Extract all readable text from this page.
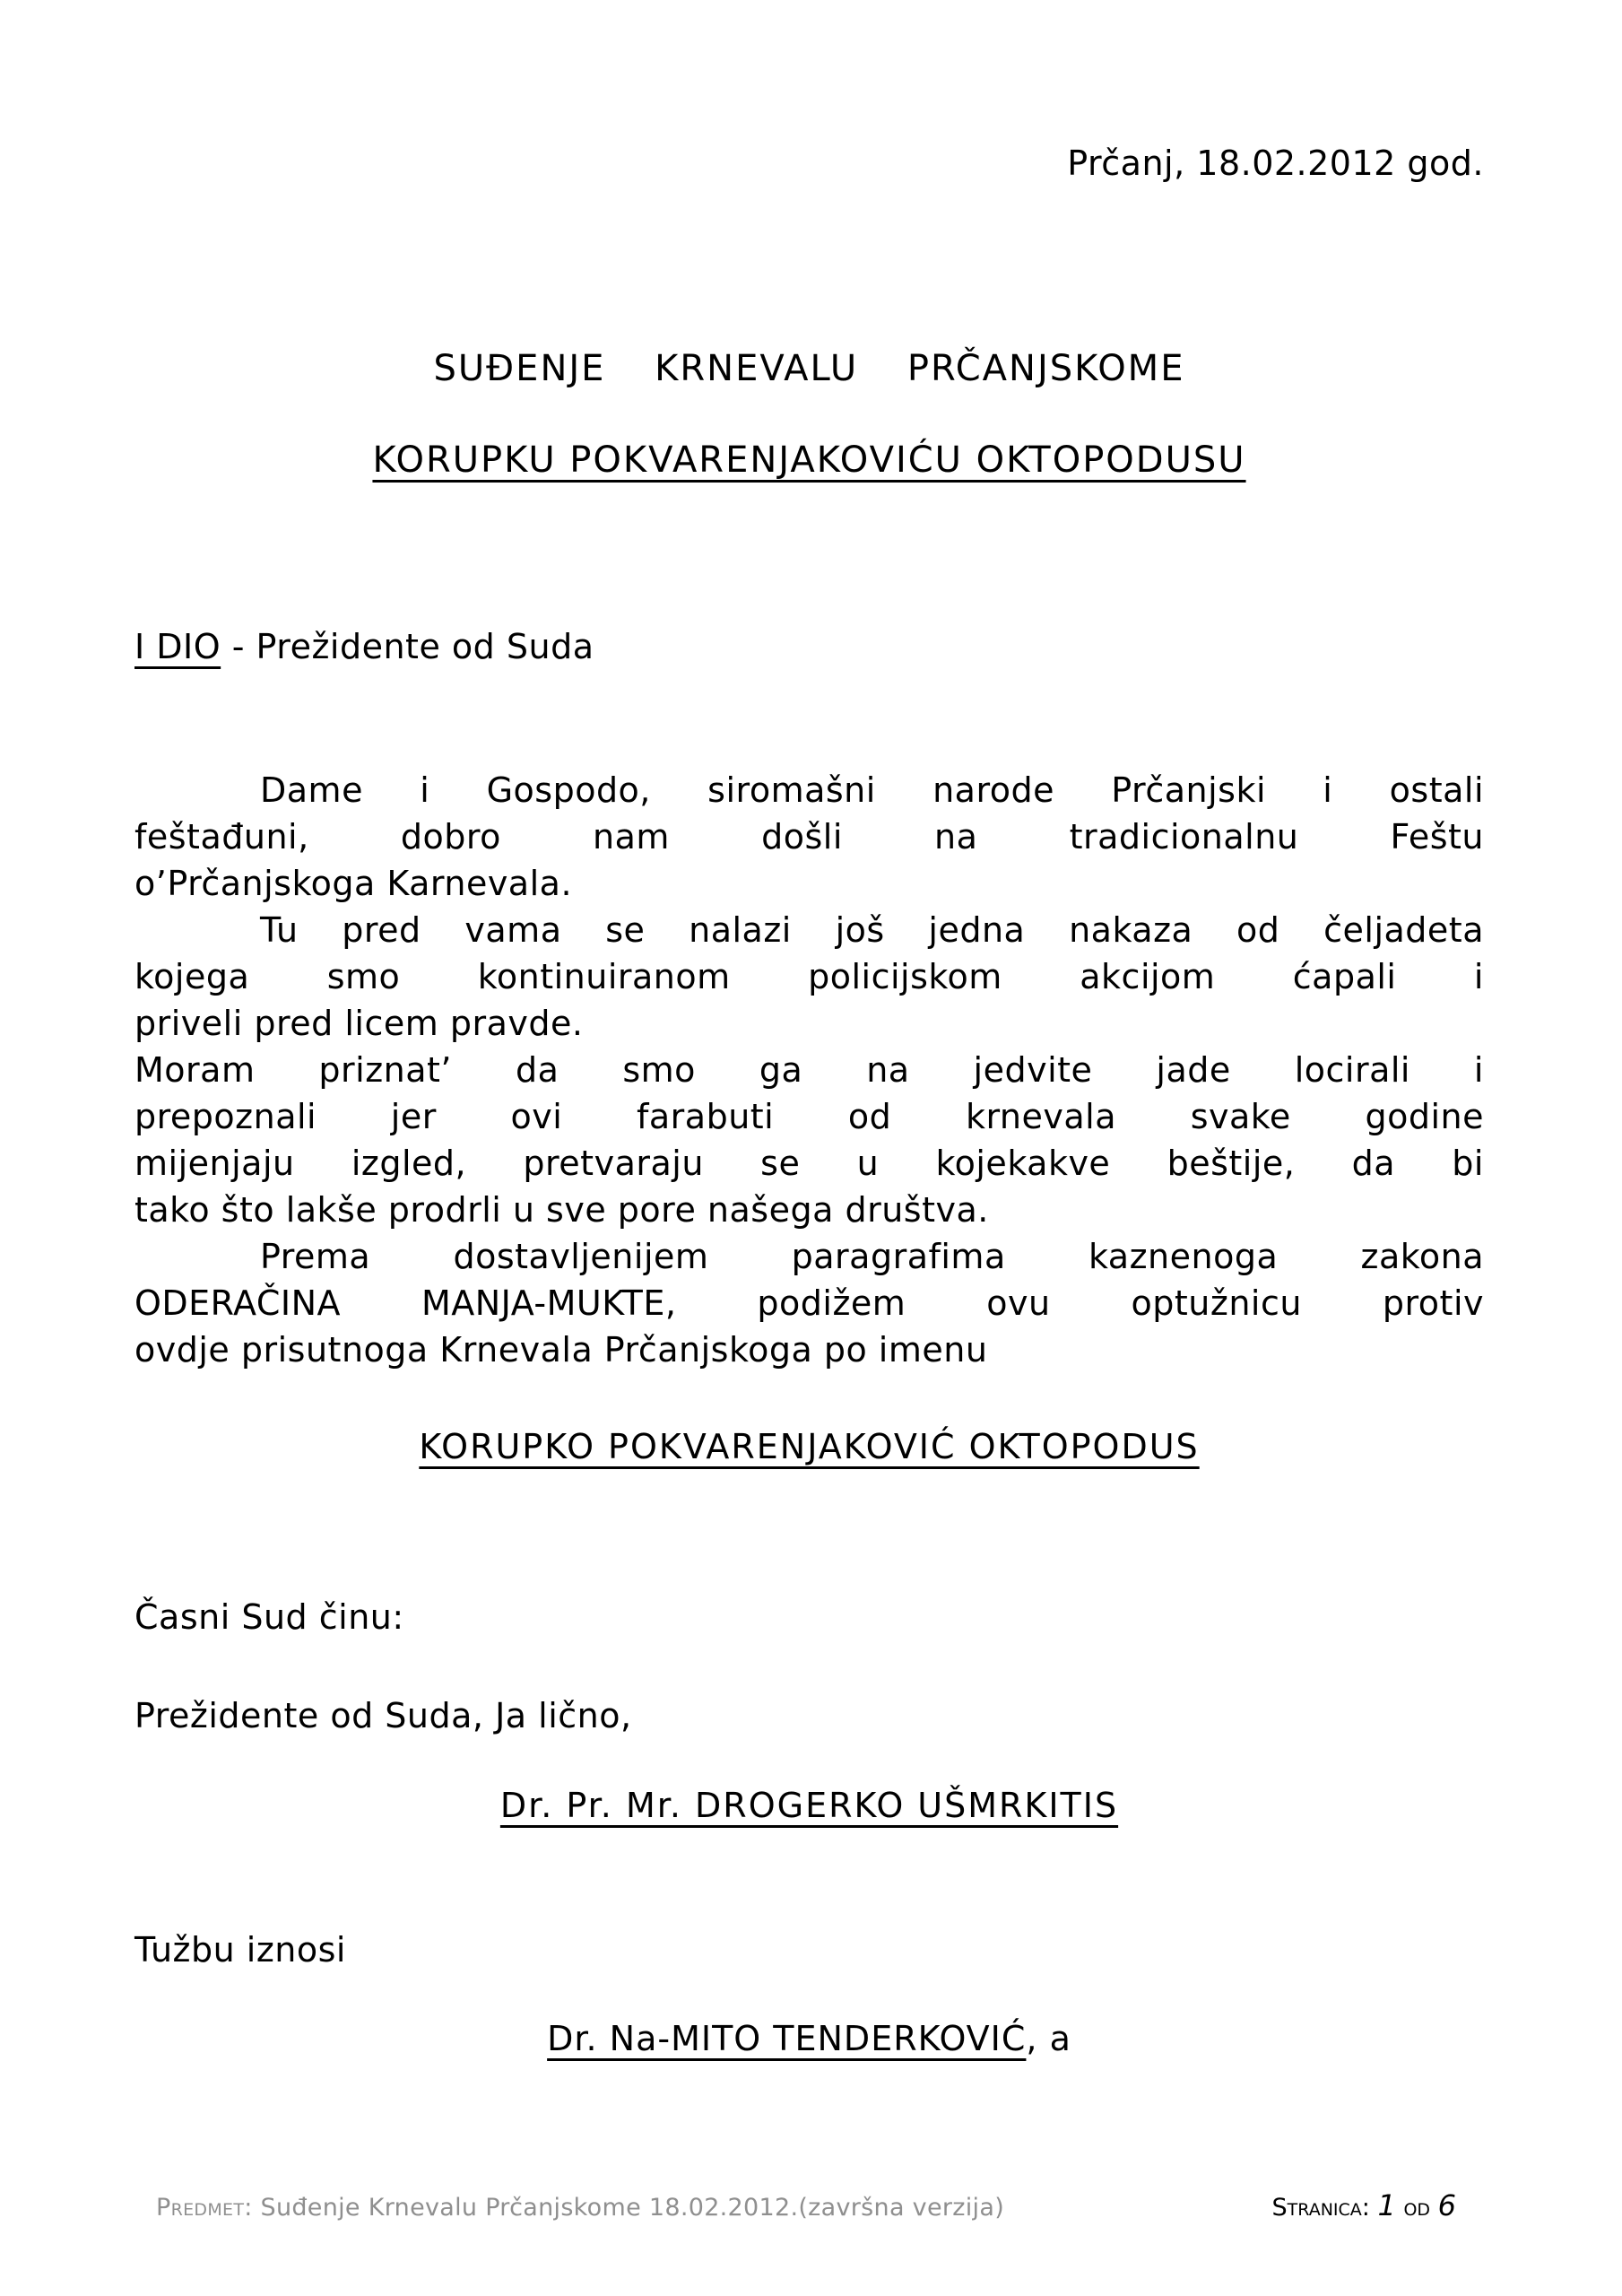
Prčanj, 18.02.2012 god.
SUĐENJE KRNEVALU PRČANJSKOME
KORUPKU POKVARENJAKOVIĆU OKTOPODUSU
I DIO - Prežidente od Suda
Dame i Gospodo, siromašni narode Prčanjski i ostali
feštađuni, dobro nam došli na tradicionalnu Feštu
o’Prčanjskoga Karnevala.
Tu pred vama se nalazi još jedna nakaza od čeljadeta
kojega smo kontinuiranom policijskom akcijom ćapali i
priveli pred licem pravde.
Moram priznat’ da smo ga na jedvite jade locirali i
prepoznali jer ovi farabuti od krnevala svake godine
mijenjaju izgled, pretvaraju se u kojekakve beštije, da bi
tako što lakše prodrli u sve pore našega društva.
Prema dostavljenijem paragrafima kaznenoga zakona
ODERAČINA MANJA-MUKTE, podižem ovu optužnicu protiv
ovdje prisutnoga Krnevala Prčanjskoga po imenu
KORUPKO POKVARENJAKOVIĆ OKTOPODUS
Časni Sud činu:
Prežidente od Suda, Ja lično,
Dr. Pr. Mr. DROGERKO UŠMRKITIS
Tužbu iznosi
Dr. Na-MITO TENDERKOVIĆ, a
Predmet: Suđenje Krnevalu Prčanjskome 18.02.2012.(završna verzija)	Stranica: 1 od 6
